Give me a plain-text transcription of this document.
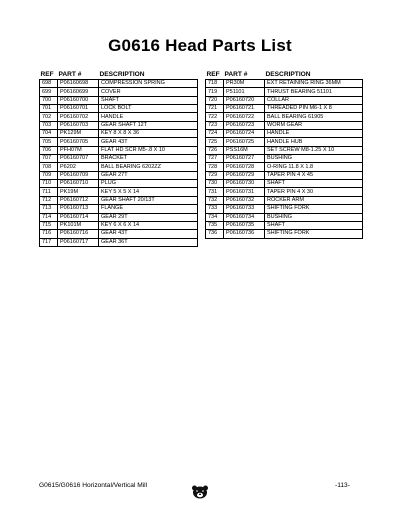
G0616 Head Parts List
REF	PART #	DESCRIPTION
698	P06160698	COMPRESSION SPRING
699	P06160699	COVER
700	P06160700	SHAFT
701	P06160701	LOCK BOLT
702	P06160702	HANDLE
703	P06160703	GEAR SHAFT 12T
704	PK129M	KEY 8 X 8 X 36
705	P06160705	GEAR 43T
706	PFH07M	FLAT HD SCR M5-.8 X 10
707	P06160707	BRACKET
708	P6202	BALL BEARING 6202ZZ
709	P06160709	GEAR 27T
710	P06160710	PLUG
711	PK19M	KEY 5 X 5 X 14
712	P06160712	GEAR SHAFT 20/13T
713	P06160713	FLANGE
714	P06160714	GEAR 29T
715	PK101M	KEY 6 X 6 X 14
716	P06160716	GEAR 43T
717	P06160717	GEAR 36T
REF	PART #	DESCRIPTION
718	PR30M	EXT RETAINING RING 36MM
719	P51101	THRUST BEARING 51101
720	P06160720	COLLAR
721	P06160721	THREADED PIN M6-1 X 8
722	P06160722	BALL BEARING 61905
723	P06160723	WORM GEAR
724	P06160724	HANDLE
725	P06160725	HANDLE HUB
726	PSS16M	SET SCREW M8-1.25 X 10
727	P06160727	BUSHING
728	P06160728	O-RING 11.8 X 1.8
729	P06160729	TAPER PIN 4 X 45
730	P06160730	SHAFT
731	P06160731	TAPER PIN 4 X 30
732	P06160732	ROCKER ARM
733	P06160733	SHIFTING FORK
734	P06160734	BUSHING
735	P06160735	SHAFT
736	P06160736	SHIFTING FORK
G0615/G0616 Horizontal/Vertical Mill	-113-
